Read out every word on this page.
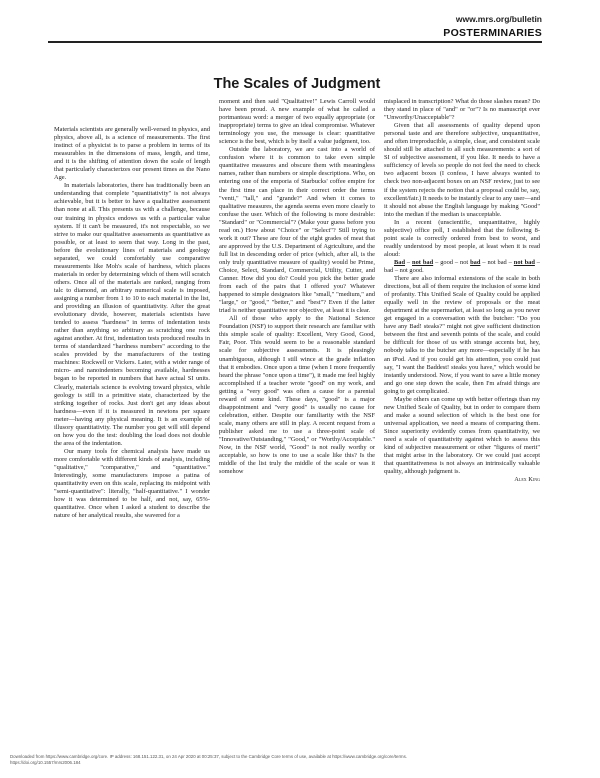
www.mrs.org/bulletin
POSTERMINARIES
The Scales of Judgment

Materials scientists are generally well-versed in physics, and physics, above all, is a science of measurements. The first instinct of a physicist is to parse a problem in terms of its measurables in the dimensions of mass, length, and time, and it is the shifting of attention down the scale of length that particularly characterizes our present times as the Nano Age.

In materials laboratories, there has traditionally been an understanding that complete "quantitativity" is not always achievable, but it is better to have a qualitative assessment than none at all. This presents us with a challenge, because our training in physics endows us with a particular value system. If it can't be measured, it's not respectable, so we strive to make our qualitative assessments as quantitative as possible, or at least to seem that way. Long in the past, before the evolutionary lines of materials and geology separated, we could comfortably use comparative measurements like Moh's scale of hardness, which places materials in order by determining which of them will scratch others. Once all of the materials are ranked, ranging from talc to diamond, an arbitrary numerical scale is imposed, assigning a number from 1 to 10 to each material in the list, and providing an illusion of quantitativity. After the great evolutionary divide, however, materials scientists have tended to assess "hardness" in terms of indentation tests rather than anything so arbitrary as scratching one rock against another. At first, indentation tests produced results in terms of standardized "hardness numbers" according to the scales provided by the manufacturers of the testing machines: Rockwell or Vickers. Later, with a wider range of micro- and nanoindenters becoming available, hardnesses began to be reported in numbers that have actual SI units. Clearly, materials science is evolving toward physics, while geology is still in a primitive state, characterized by the striking together of rocks. Just don't get any ideas about hardness—even if it is measured in newtons per square meter—having any physical meaning. It is an example of illusory quantitativity. The number you get will still depend on how you do the test: doubling the load does not double the area of the indentation.

Our many tools for chemical analysis have made us more comfortable with different kinds of analysis, including "qualitative," "comparative," and "quantitative." Interestingly, some manufacturers impose a patina of quantitativity even on this scale, replacing its midpoint with "semi-quantitative": literally, "half-quantitative." I wonder how it was determined to be half, and not, say, 65%-quantitative. Once when I asked a student to describe the nature of her analytical results, she wavered for a

moment and then said "Qualitative!" Lewis Carroll would have been proud. A new example of what he called a portmanteau word: a merger of two equally appropriate (or inappropriate) terms to give an ideal compromise. Whatever terminology you use, the message is clear: quantitative science is the best, which is by itself a value judgment, too.

Outside the laboratory, we are cast into a world of confusion where it is common to take even simple quantitative measures and obscure them with meaningless names, rather than numbers or simple descriptions. Who, on entering one of the emporia of Starbucks' coffee empire for the first time can place in their correct order the terms "venti," "tall," and "grande?" And when it comes to qualitative measures, the agenda seems even more clearly to confuse the user. Which of the following is more desirable: "Standard" or "Commercial"? (Make your guess before you read on.) How about "Choice" or "Select"? Still trying to work it out? These are four of the eight grades of meat that are approved by the U.S. Department of Agriculture, and the full list in descending order of price (which, after all, is the only truly quantitative measure of quality) would be Prime, Choice, Select, Standard, Commercial, Utility, Cutter, and Canner. How did you do? Could you pick the better grade from each of the pairs that I offered you? Whatever happened to simple designators like "small," "medium," and "large," or "good," "better," and "best"? Even if the latter triad is neither quantitative nor objective, at least it is clear.

All of those who apply to the National Science Foundation (NSF) to support their research are familiar with this simple scale of quality: Excellent, Very Good, Good, Fair, Poor. This would seem to be a reasonable standard scale for subjective assessments. It is pleasingly unambiguous, although I still wince at the grade inflation that it embodies. Once upon a time (when I more frequently heard the phrase "once upon a time"), it made me feel highly accomplished if a teacher wrote "good" on my work, and getting a "very good" was often a cause for a parental reward of some kind. These days, "good" is a major disappointment and "very good" is usually no cause for celebration, either. Despite our familiarity with the NSF scale, many others are still in play. A recent request from a publisher asked me to use a three-point scale of "Innovative/Outstanding," "Good," or "Worthy/Acceptable." Now, in the NSF world, "Good" is not really worthy or acceptable, so how is one to use a scale like this? Is the middle of the list truly the middle of the scale or was it somehow

misplaced in transcription? What do those slashes mean? Do they stand in place of "and" or "or"? Is no manuscript ever "Unworthy/Unacceptable"?

Given that all assessments of quality depend upon personal taste and are therefore subjective, unquantitative, and often irreproducible, a simple, clear, and consistent scale should still be attached to all such measurements: a sort of SI of subjective assessment, if you like. It needs to have a sufficiency of levels so people do not feel the need to check two adjacent boxes (I confess, I have always wanted to check two non-adjacent boxes on an NSF review, just to see if the system rejects the notion that a proposal could be, say, excellent/fair.) It needs to be instantly clear to any user—and it should not abuse the English language by making "Good" into the median if the median is unacceptable.

In a recent (unscientific, unquantitative, highly subjective) office poll, I established that the following 8-point scale is correctly ordered from best to worst, and readily understood by most people, at least when it is read aloud:

Bad – not bad – good – not bad – not bad – not bad – bad – not good.

There are also informal extensions of the scale in both directions, but all of them require the inclusion of some kind of profanity. This Unified Scale of Quality could be applied equally well in the review of proposals or the meat department at the supermarket, at least so long as you never get engaged in a conversation with the butcher: "Do you have any Bad! steaks?" might not give sufficient distinction between the first and seventh points of the scale, and could be difficult for those of us with strange accents but, hey, nobody talks to the butcher any more—especially if he has an iPod. And if you could get his attention, you could just say, "I want the Baddest! steaks you have," which would be instantly understood. Now, if you want to save a little money and go one step down the scale, then I'm afraid things are going to get complicated.

Maybe others can come up with better offerings than my new Unified Scale of Quality, but in order to compare them and make a sound selection of which is the best one for universal application, we need a means of comparing them. Since superiority evidently comes from quantitativity, we need a scale of quantitativity against which to assess this kind of subjective measurement or other "figures of merit" that might arise in the laboratory. Or we could just accept that quantitativeness is not always an intrinsically valuable quality, although judgment is.

Alex King

Downloaded from https://www.cambridge.org/core. IP address: 168.151.122.31, on 24 Apr 2020 at 00:25:37, subject to the Cambridge Core terms of use, available at https://www.cambridge.org/core/terms.
https://doi.org/10.1557/mrs2006.184
